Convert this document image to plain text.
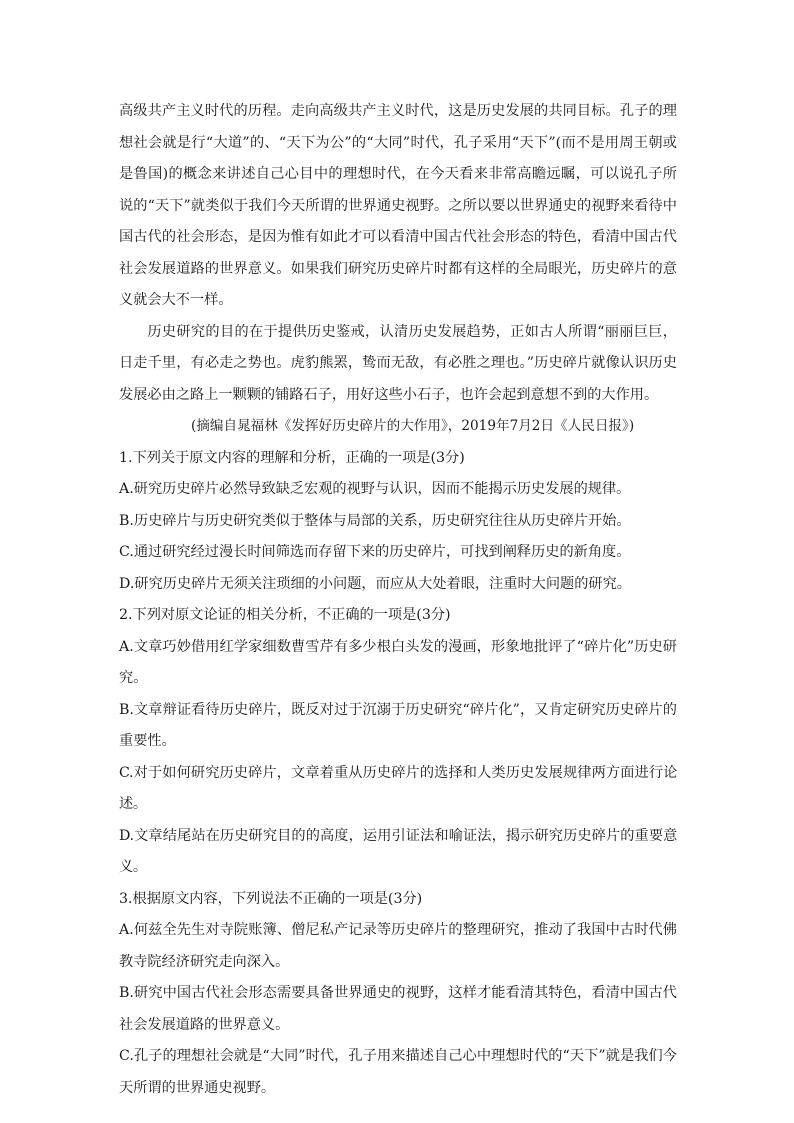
高级共产主义时代的历程。走向高级共产主义时代，这是历史发展的共同目标。孔子的理想社会就是行“大道”的、“天下为公”的“大同”时代，孔子采用“天下”(而不是用周王朝或是鲁国)的概念来讲述自己心目中的理想时代，在今天看来非常高瞻远瞩，可以说孔子所说的“天下”就类似于我们今天所谓的世界通史视野。之所以要以世界通史的视野来看待中国古代的社会形态，是因为惟有如此才可以看清中国古代社会形态的特色，看清中国古代社会发展道路的世界意义。如果我们研究历史碎片时都有这样的全局眼光，历史碎片的意义就会大不一样。

历史研究的目的在于提供历史鉴戒，认清历史发展趋势，正如古人所谓“丽丽巨巨，日走千里，有必走之势也。虎豹熊罴，鸷而无敌，有必胜之理也。”历史碎片就像认识历史发展必由之路上一颗颗的铺路石子，用好这些小石子，也许会起到意想不到的大作用。

(摘编自晁福林《发挥好历史碎片的大作用》，2019年7月2日《人民日报》)

1.下列关于原文内容的理解和分析，正确的一项是(3分)

A.研究历史碎片必然导致缺乏宏观的视野与认识，因而不能揭示历史发展的规律。

B.历史碎片与历史研究类似于整体与局部的关系，历史研究往往从历史碎片开始。

C.通过研究经过漫长时间筛选而存留下来的历史碎片，可找到阐释历史的新角度。

D.研究历史碎片无须关注琐细的小问题，而应从大处着眼，注重时大问题的研究。

2.下列对原文论证的相关分析，不正确的一项是(3分)

A.文章巧妙借用红学家细数曹雪芹有多少根白头发的漫画，形象地批评了“碎片化”历史研究。

B.文章辩证看待历史碎片，既反对过于沉溺于历史研究“碎片化”，又肯定研究历史碎片的重要性。

C.对于如何研究历史碎片，文章着重从历史碎片的选择和人类历史发展规律两方面进行论述。

D.文章结尾站在历史研究目的的高度，运用引证法和喻证法，揭示研究历史碎片的重要意义。

3.根据原文内容，下列说法不正确的一项是(3分)

A.何兹全先生对寺院账簿、僧尼私产记录等历史碎片的整理研究，推动了我国中古时代佛教寺院经济研究走向深入。

B.研究中国古代社会形态需要具备世界通史的视野，这样才能看清其特色，看清中国古代社会发展道路的世界意义。

C.孔子的理想社会就是“大同”时代，孔子用来描述自己心中理想时代的“天下”就是我们今天所谓的世界通史视野。
